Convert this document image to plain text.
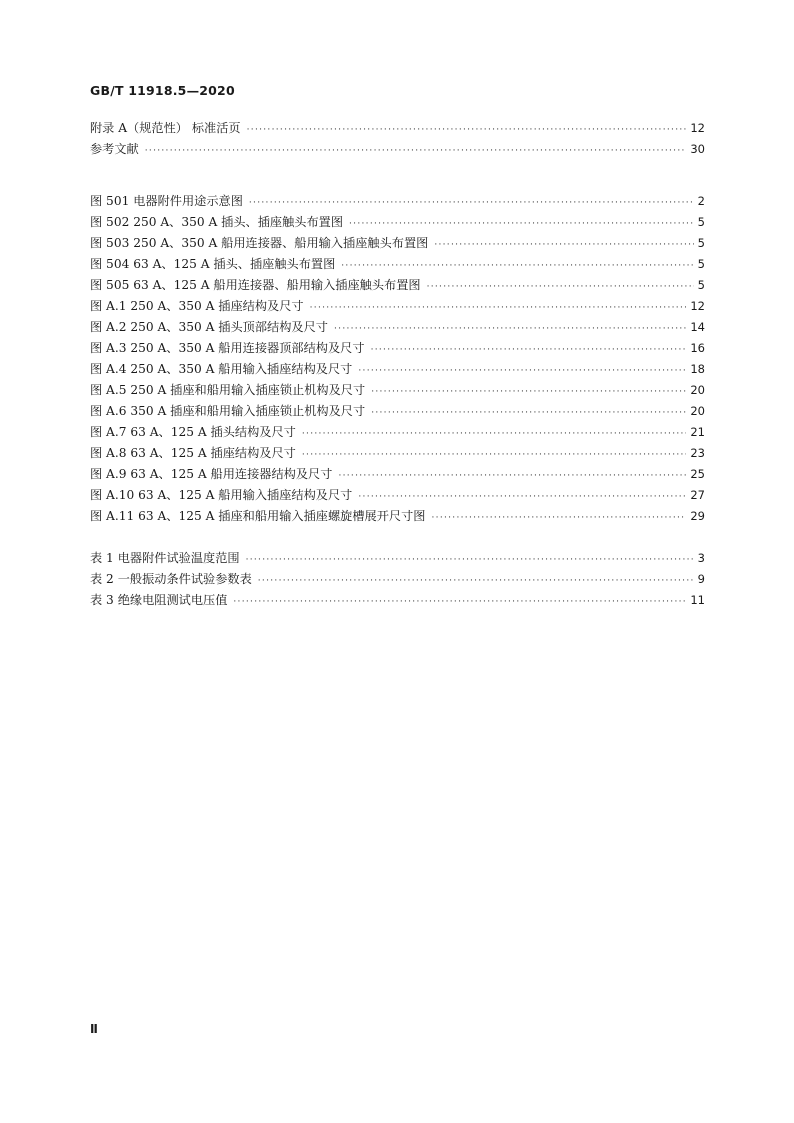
GB/T 11918.5—2020
附录 A（规范性） 标准活页 ·····	12
参考文献 ·····	30
图 501 电器附件用途示意图 ·····	2
图 502 250 A、350 A 插头、插座触头布置图 ·····	5
图 503 250 A、350 A 船用连接器、船用输入插座触头布置图 ·····	5
图 504 63 A、125 A 插头、插座触头布置图 ·····	5
图 505 63 A、125 A 船用连接器、船用输入插座触头布置图 ·····	5
图 A.1 250 A、350 A 插座结构及尺寸 ·····	12
图 A.2 250 A、350 A 插头顶部结构及尺寸 ·····	14
图 A.3 250 A、350 A 船用连接器顶部结构及尺寸 ·····	16
图 A.4 250 A、350 A 船用输入插座结构及尺寸 ·····	18
图 A.5 250 A 插座和船用输入插座锁止机构及尺寸 ·····	20
图 A.6 350 A 插座和船用输入插座锁止机构及尺寸 ·····	20
图 A.7 63 A、125 A 插头结构及尺寸 ·····	21
图 A.8 63 A、125 A 插座结构及尺寸 ·····	23
图 A.9 63 A、125 A 船用连接器结构及尺寸 ·····	25
图 A.10 63 A、125 A 船用输入插座结构及尺寸 ·····	27
图 A.11 63 A、125 A 插座和船用输入插座螺旋槽展开尺寸图 ·····	29
表 1 电器附件试验温度范围 ·····	3
表 2 一般振动条件试验参数表 ·····	9
表 3 绝缘电阻测试电压值 ·····	11
Ⅱ
